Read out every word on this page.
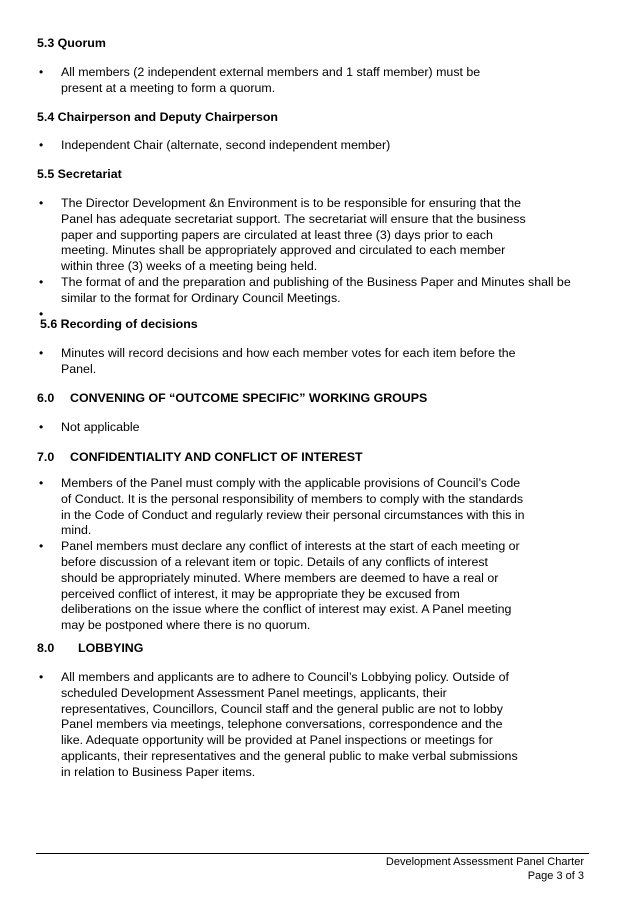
5.3 Quorum
• All members (2 independent external members and 1 staff member) must be present at a meeting to form a quorum.
5.4 Chairperson and Deputy Chairperson
• Independent Chair (alternate, second independent member)
5.5 Secretariat
• The Director Development &n Environment is to be responsible for ensuring that the Panel has adequate secretariat support. The secretariat will ensure that the business paper and supporting papers are circulated at least three (3) days prior to each meeting. Minutes shall be appropriately approved and circulated to each member within three (3) weeks of a meeting being held.
• The format of and the preparation and publishing of the Business Paper and Minutes shall be similar to the format for Ordinary Council Meetings.
•
5.6 Recording of decisions
• Minutes will record decisions and how each member votes for each item before the Panel.
6.0 CONVENING OF “OUTCOME SPECIFIC” WORKING GROUPS
• Not applicable
7.0 CONFIDENTIALITY AND CONFLICT OF INTEREST
• Members of the Panel must comply with the applicable provisions of Council’s Code of Conduct. It is the personal responsibility of members to comply with the standards in the Code of Conduct and regularly review their personal circumstances with this in mind.
• Panel members must declare any conflict of interests at the start of each meeting or before discussion of a relevant item or topic. Details of any conflicts of interest should be appropriately minuted. Where members are deemed to have a real or perceived conflict of interest, it may be appropriate they be excused from deliberations on the issue where the conflict of interest may exist. A Panel meeting may be postponed where there is no quorum.
8.0 LOBBYING
• All members and applicants are to adhere to Council’s Lobbying policy. Outside of scheduled Development Assessment Panel meetings, applicants, their representatives, Councillors, Council staff and the general public are not to lobby Panel members via meetings, telephone conversations, correspondence and the like. Adequate opportunity will be provided at Panel inspections or meetings for applicants, their representatives and the general public to make verbal submissions in relation to Business Paper items.
Development Assessment Panel Charter
Page 3 of 3
